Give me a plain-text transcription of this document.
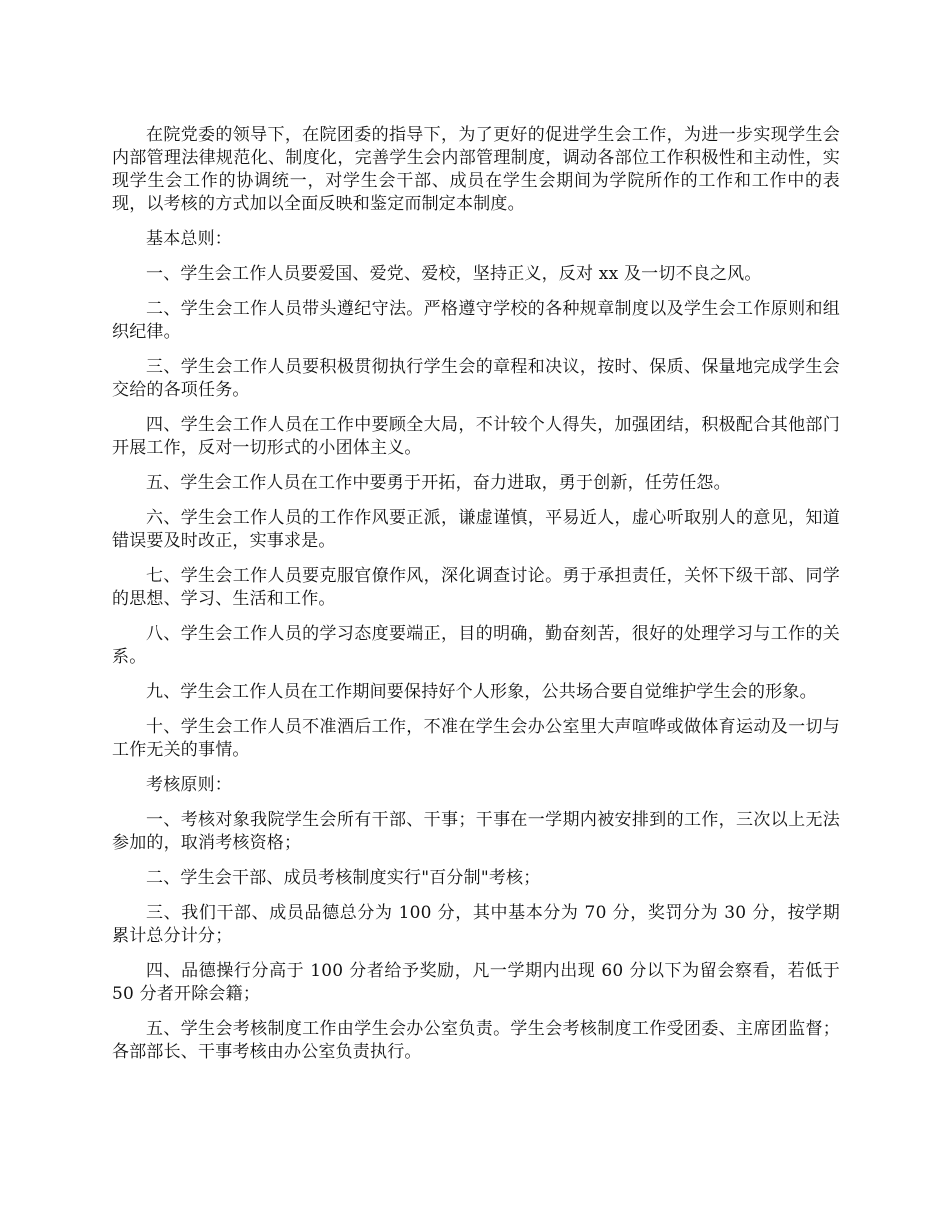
在院党委的领导下，在院团委的指导下，为了更好的促进学生会工作，为进一步实现学生会内部管理法律规范化、制度化，完善学生会内部管理制度，调动各部位工作积极性和主动性，实现学生会工作的协调统一，对学生会干部、成员在学生会期间为学院所作的工作和工作中的表现，以考核的方式加以全面反映和鉴定而制定本制度。

基本总则：

一、学生会工作人员要爱国、爱党、爱校，坚持正义，反对 xx 及一切不良之风。

二、学生会工作人员带头遵纪守法。严格遵守学校的各种规章制度以及学生会工作原则和组织纪律。

三、学生会工作人员要积极贯彻执行学生会的章程和决议，按时、保质、保量地完成学生会交给的各项任务。

四、学生会工作人员在工作中要顾全大局，不计较个人得失，加强团结，积极配合其他部门开展工作，反对一切形式的小团体主义。

五、学生会工作人员在工作中要勇于开拓，奋力进取，勇于创新，任劳任怨。

六、学生会工作人员的工作作风要正派，谦虚谨慎，平易近人，虚心听取别人的意见，知道错误要及时改正，实事求是。

七、学生会工作人员要克服官僚作风，深化调查讨论。勇于承担责任，关怀下级干部、同学的思想、学习、生活和工作。

八、学生会工作人员的学习态度要端正，目的明确，勤奋刻苦，很好的处理学习与工作的关系。

九、学生会工作人员在工作期间要保持好个人形象，公共场合要自觉维护学生会的形象。

十、学生会工作人员不准酒后工作，不准在学生会办公室里大声喧哗或做体育运动及一切与工作无关的事情。

考核原则：

一、考核对象我院学生会所有干部、干事；干事在一学期内被安排到的工作，三次以上无法参加的，取消考核资格；

二、学生会干部、成员考核制度实行"百分制"考核；

三、我们干部、成员品德总分为 100 分，其中基本分为 70 分，奖罚分为 30 分，按学期累计总分计分；

四、品德操行分高于 100 分者给予奖励，凡一学期内出现 60 分以下为留会察看，若低于 50 分者开除会籍；

五、学生会考核制度工作由学生会办公室负责。学生会考核制度工作受团委、主席团监督；各部部长、干事考核由办公室负责执行。
